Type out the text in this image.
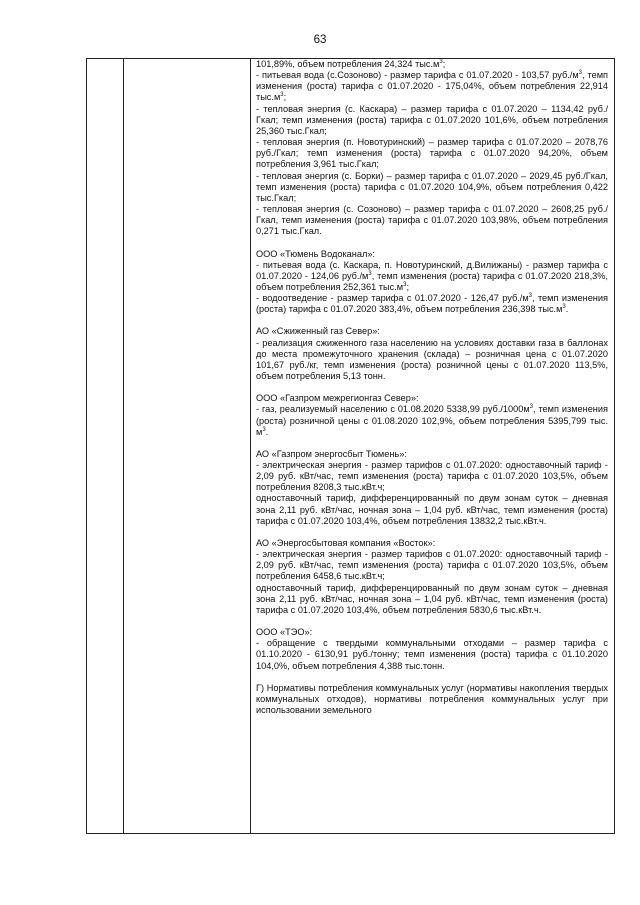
63

101,89%, объем потребления 24,324 $тыс.м^3$;

- питьевая вода (с.Созоново) - размер тарифа с 01.07.2020 - 103,57 $руб./м^3$, темп изменения (роста) тарифа с 01.07.2020 - 175,04%, объем потребления 22,914 $тыс.м^3$;

- тепловая энергия (с. Каскара) – размер тарифа с 01.07.2020 – 1134,42 руб./Гкал; темп изменения (роста) тарифа с 01.07.2020 101,6%, объем потребления 25,360 тыс.Гкал;

- тепловая энергия (п. Новотуринский) – размер тарифа с 01.07.2020 – 2078,76 руб./Гкал; темп изменения (роста) тарифа с 01.07.2020 94,20%, объем потребления 3,961 тыс.Гкал;

- тепловая энергия (с. Борки) – размер тарифа с 01.07.2020 – 2029,45 руб./Гкал, темп изменения (роста) тарифа с 01.07.2020 104,9%, объем потребления 0,422 тыс.Гкал;

- тепловая энергия (с. Созоново) – размер тарифа с 01.07.2020 – 2608,25 руб./Гкал, темп изменения (роста) тарифа с 01.07.2020 103,98%, объем потребления 0,271 тыс.Гкал.

ООО «Тюмень Водоканал»:

- питьевая вода (с. Каскара, п. Новотуринский, д.Вилижаны) - размер тарифа с 01.07.2020 - 124,06 $руб./м^3$, темп изменения (роста) тарифа с 01.07.2020 218,3%, объем потребления 252,361 $тыс.м^3$;

- водоотведение - размер тарифа с 01.07.2020 - 126,47 $руб./м^3$, темп изменения (роста) тарифа с 01.07.2020 383,4%, объем потребления 236,398 $тыс.м^3$.

АО «Сжиженный газ Север»:

- реализация сжиженного газа населению на условиях доставки газа в баллонах до места промежуточного хранения (склада) – розничная цена с 01.07.2020 101,67 руб./кг, темп изменения (роста) розничной цены с 01.07.2020 113,5%, объем потребления 5,13 тонн.

ООО «Газпром межрегионгаз Север»:

- газ, реализуемый населению с 01.08.2020 5338,99 $руб./1000м^3$, темп изменения (роста) розничной цены с 01.08.2020 102,9%, объем потребления 5395,799 тыс. $м^3$.

АО «Газпром энергосбыт Тюмень»:

- электрическая энергия - размер тарифов с 01.07.2020: одноставочный тариф - 2,09 руб. кВт/час, темп изменения (роста) тарифа с 01.07.2020 103,5%, объем потребления 8208,3 тыс.кВт.ч;

одноставочный тариф, дифференцированный по двум зонам суток – дневная зона 2,11 руб. кВт/час, ночная зона – 1,04 руб. кВт/час, темп изменения (роста) тарифа с 01.07.2020 103,4%, объем потребления 13832,2 тыс.кВт.ч.

АО «Энергосбытовая компания «Восток»:

- электрическая энергия - размер тарифов с 01.07.2020: одноставочный тариф - 2,09 руб. кВт/час, темп изменения (роста) тарифа с 01.07.2020 103,5%, объем потребления 6458,6 тыс.кВт.ч;

одноставочный тариф, дифференцированный по двум зонам суток – дневная зона 2,11 руб. кВт/час, ночная зона – 1,04 руб. кВт/час, темп изменения (роста) тарифа с 01.07.2020 103,4%, объем потребления 5830,6 тыс.кВт.ч.

ООО «ТЭО»:

- обращение с твердыми коммунальными отходами – размер тарифа с 01.10.2020 - 6130,91 руб./тонну; темп изменения (роста) тарифа с 01.10.2020 104,0%, объем потребления 4,388 тыс.тонн.

Г) Нормативы потребления коммунальных услуг (нормативы накопления твердых коммунальных отходов), нормативы потребления коммунальных услуг при использовании земельного
